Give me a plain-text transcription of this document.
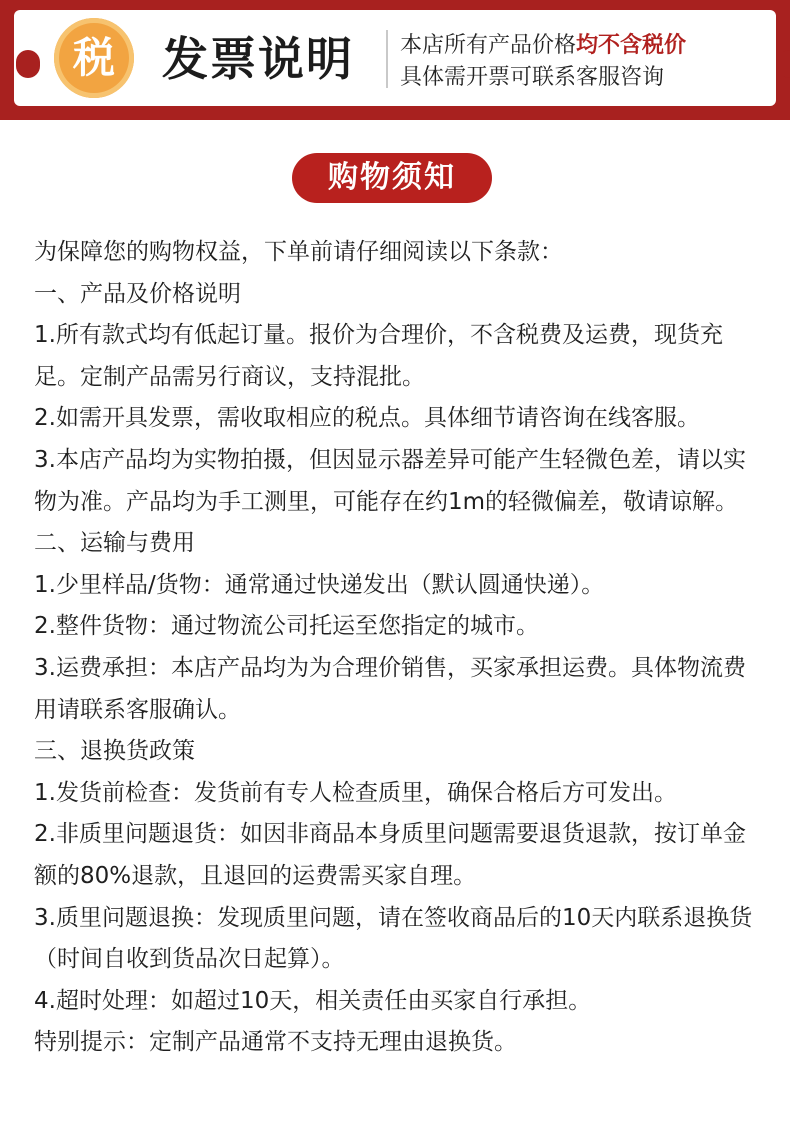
税	发票说明 本店所有产品价格均不含税价
具体需开票可联系客服咨询
购物须知

为保障您的购物权益，下单前请仔细阅读以下条款：

一、产品及价格说明

1.所有款式均有低起订量。报价为合理价，不含税费及运费，现货充足。定制产品需另行商议，支持混批。

2.如需开具发票，需收取相应的税点。具体细节请咨询在线客服。

3.本店产品均为实物拍摄，但因显示器差异可能产生轻微色差，请以实物为准。产品均为手工测里，可能存在约1m的轻微偏差，敬请谅解。

二、运输与费用

1.少里样品/货物：通常通过快递发出（默认圆通快递）。

2.整件货物：通过物流公司托运至您指定的城市。

3.运费承担：本店产品均为为合理价销售，买家承担运费。具体物流费用请联系客服确认。

三、退换货政策

1.发货前检查：发货前有专人检查质里，确保合格后方可发出。

2.非质里问题退货：如因非商品本身质里问题需要退货退款，按订单金额的80%退款，且退回的运费需买家自理。

3.质里问题退换：发现质里问题，请在签收商品后的10天内联系退换货（时间自收到货品次日起算）。

4.超时处理：如超过10天，相关责任由买家自行承担。

特别提示：定制产品通常不支持无理由退换货。
